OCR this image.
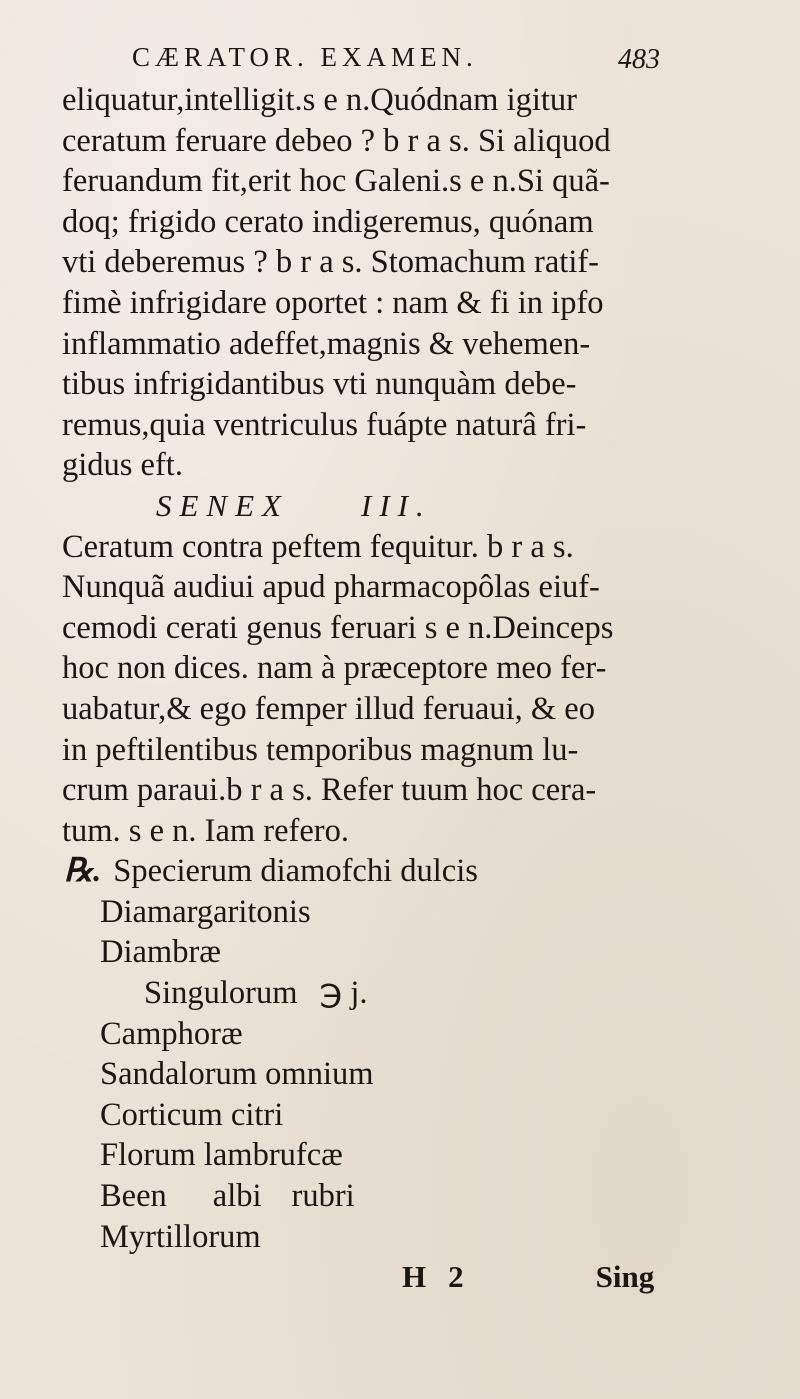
CÆRATOR. EXAMEN.	483
eliquatur,intelligit.s e n.Quódnam igitur
ceratum feruare debeo ? b r a s. Si aliquod
feruandum fit,erit hoc Galeni.s e n.Si quã-
doq; frigido cerato indigeremus, quónam
vti deberemus ? b r a s. Stomachum ratif-
fimè infrigidare oportet : nam & fi in ipfo
inflammatio adeffet,magnis & vehemen-
tibus infrigidantibus vti nunquàm debe-
remus,quia ventriculus fuápte naturâ fri-
gidus eft.
SENEX III.
Ceratum contra peftem fequitur. b r a s.
Nunquã audiui apud pharmacopôlas eiuf-
cemodi cerati genus feruari s e n.Deinceps
hoc non dices. nam à præceptore meo fer-
uabatur,& ego femper illud feruaui, & eo
in peftilentibus temporibus magnum lu-
crum paraui.b r a s. Refer tuum hoc cera-
tum. s e n. Iam refero.
℞. Specierum diamofchi dulcis
Diamargaritonis
Diambræ
Singulorum ℈ j.
Camphoræ
Sandalorum omnium
Corticum citri
Florum lambrufcæ
Been albi rubri
Myrtillorum
H 2	Sing
